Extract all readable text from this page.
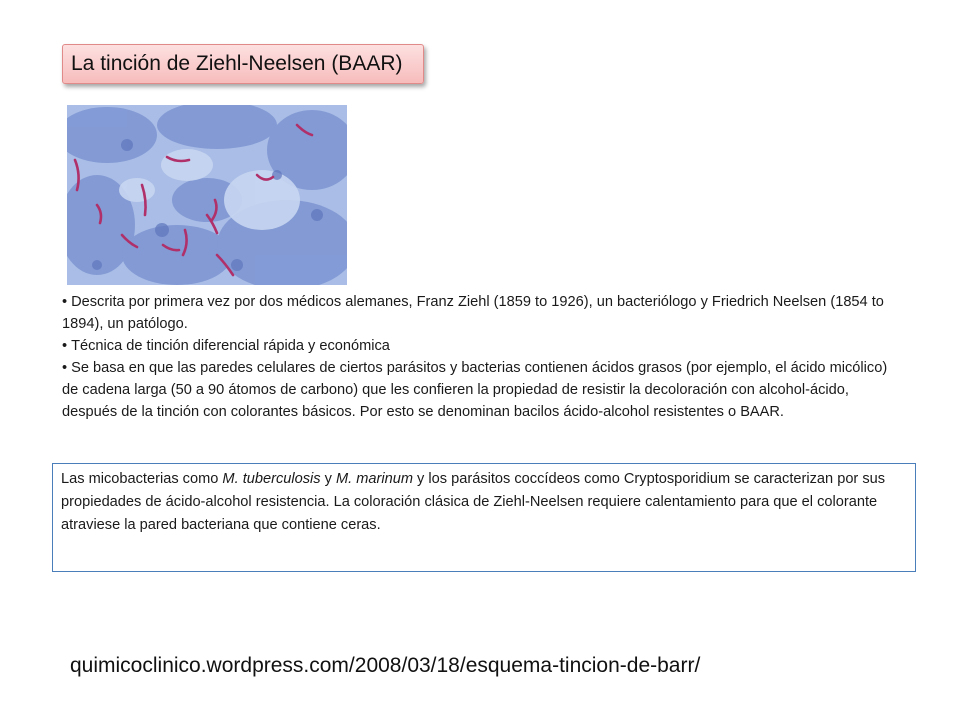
La tinción de Ziehl-Neelsen (BAAR)
• Descrita por primera vez por dos médicos alemanes, Franz Ziehl (1859 to 1926), un bacteriólogo y Friedrich Neelsen (1854 to 1894), un patólogo.
• Técnica de tinción diferencial rápida y económica
• Se basa en que las paredes celulares de ciertos parásitos y bacterias contienen ácidos grasos (por ejemplo, el ácido micólico) de cadena larga (50 a 90 átomos de carbono) que les confieren la propiedad de resistir la decoloración con alcohol-ácido, después de la tinción con colorantes básicos. Por esto se denominan bacilos ácido-alcohol resistentes o BAAR.
Las micobacterias como M. tuberculosis y M. marinum y los parásitos coccídeos como Cryptosporidium se caracterizan por sus propiedades de ácido-alcohol resistencia. La coloración clásica de Ziehl-Neelsen requiere calentamiento para que el colorante atraviese la pared bacteriana que contiene ceras.
quimicoclinico.wordpress.com/2008/03/18/esquema-tincion-de-barr/
